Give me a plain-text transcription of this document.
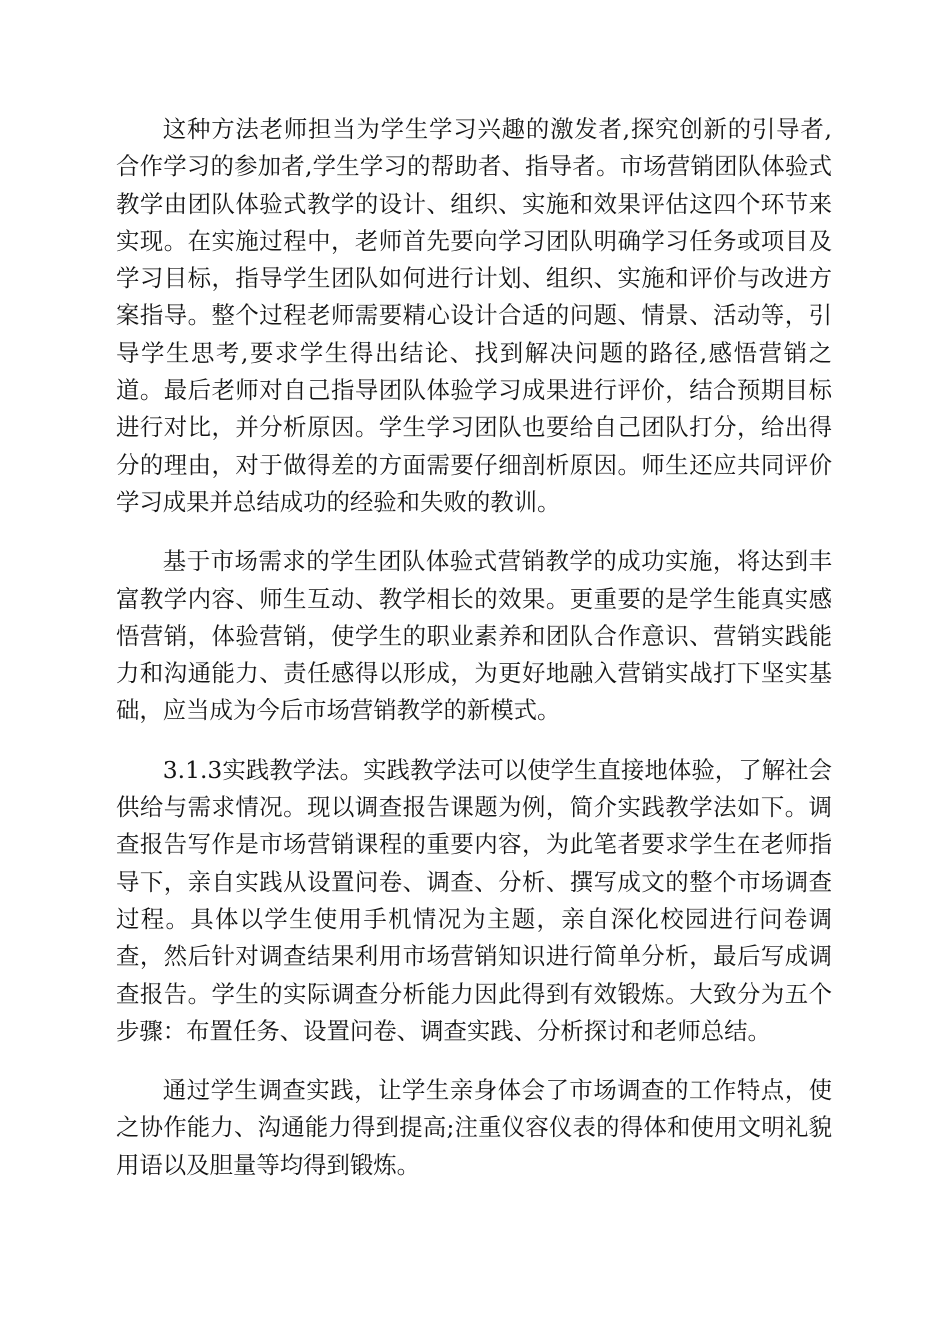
这种方法老师担当为学生学习兴趣的激发者,探究创新的引导者,合作学习的参加者,学生学习的帮助者、指导者。市场营销团队体验式教学由团队体验式教学的设计、组织、实施和效果评估这四个环节来实现。在实施过程中，老师首先要向学习团队明确学习任务或项目及学习目标，指导学生团队如何进行计划、组织、实施和评价与改进方案指导。整个过程老师需要精心设计合适的问题、情景、活动等，引导学生思考,要求学生得出结论、找到解决问题的路径,感悟营销之道。最后老师对自己指导团队体验学习成果进行评价，结合预期目标进行对比，并分析原因。学生学习团队也要给自己团队打分，给出得分的理由，对于做得差的方面需要仔细剖析原因。师生还应共同评价学习成果并总结成功的经验和失败的教训。

基于市场需求的学生团队体验式营销教学的成功实施，将达到丰富教学内容、师生互动、教学相长的效果。更重要的是学生能真实感悟营销，体验营销，使学生的职业素养和团队合作意识、营销实践能力和沟通能力、责任感得以形成，为更好地融入营销实战打下坚实基础，应当成为今后市场营销教学的新模式。

3.1.3实践教学法。实践教学法可以使学生直接地体验，了解社会供给与需求情况。现以调查报告课题为例，简介实践教学法如下。调查报告写作是市场营销课程的重要内容，为此笔者要求学生在老师指导下，亲自实践从设置问卷、调查、分析、撰写成文的整个市场调查过程。具体以学生使用手机情况为主题，亲自深化校园进行问卷调查，然后针对调查结果利用市场营销知识进行简单分析，最后写成调查报告。学生的实际调查分析能力因此得到有效锻炼。大致分为五个步骤：布置任务、设置问卷、调查实践、分析探讨和老师总结。

通过学生调查实践，让学生亲身体会了市场调查的工作特点，使之协作能力、沟通能力得到提高;注重仪容仪表的得体和使用文明礼貌用语以及胆量等均得到锻炼。
